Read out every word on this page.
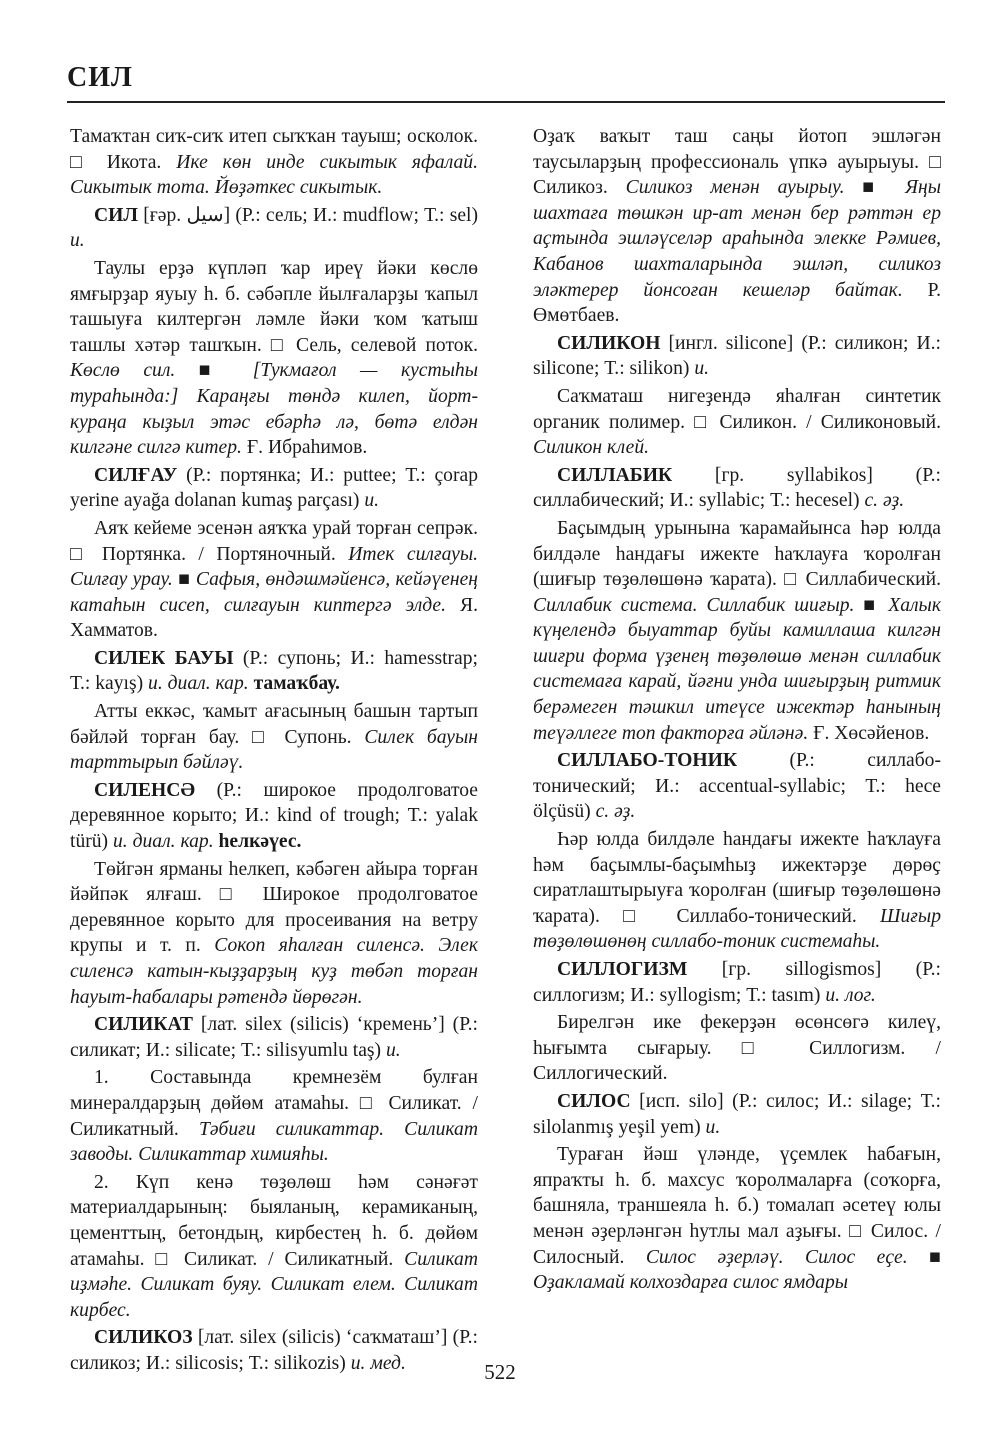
СИЛ

Тамаҡтан сиҡ-сиҡ итеп сыҡҡан тауыш; осколок. □ Икота. Ике көн инде сикытык яфалай. Сикытык тота. Йөҙәткес сикытык.

СИЛ [ғәр. سيل] (Р.: сель; И.: mudflow; Т.: sel) и.

Таулы ерҙә күпләп ҡар иреү йәки көслө ямғырҙар яуыу һ. б. сәбәпле йылғаларҙы ҡапыл ташыуға килтергән ләмле йәки ҡом ҡатыш ташлы хәтәр ташҡын. □ Сель, селевой поток. Көслө сил. ■ [Тукмағол — кустыһы тураһында:] Караңғы төндә килеп, йорт-кураңа кыҙыл этәс ебәрһә лә, бөтә елдән килгәне силгә китер. Ғ. Ибраһимов.

СИЛҒАУ (Р.: портянка; И.: puttee; Т.: çorap yerine ayağa dolanan kumaş parçası) и.

Аяҡ кейеме эсенән аяҡҡа урай торған сепрәк. □ Портянка. / Портяночный. Итек силғауы. Силғау урау. ■ Сафыя, өндәшмәйенсә, кейәүенең катаһын сисеп, силғауын киптергә элде. Я. Хамматов.

СИЛЕК БАУЫ (Р.: супонь; И.: hamesstrap; Т.: kayış) и. диал. кар. тамаҡбау.

Атты еккәс, ҡамыт ағасының башын тартып бәйләй торған бау. □ Супонь. Силек бауын тарттырып бәйләү.

СИЛЕНСӘ (Р.: широкое продолговатое деревянное корыто; И.: kind of trough; Т.: yalak türü) и. диал. кар. һелкәүес.

Төйгән ярманы һелкеп, кәбәген айыра торған йәйпәк ялғаш. □ Широкое продолговатое деревянное корыто для просеивания на ветру крупы и т. п. Сокоп яһалған силенсә. Элек силенсә катын-кыҙҙарҙың куҙ төбәп торған һауыт-һабалары рәтендә йөрөгән.

СИЛИКАТ [лат. silex (silicis) ‘кремень’] (Р.: силикат; И.: silicate; Т.: silisyumlu taş) и.

1. Составында кремнезём булған минералдарҙың дөйөм атамаһы. □ Силикат. / Силикатный. Тәбиғи силикаттар. Силикат заводы. Силикаттар химияһы.

2. Күп кенә төҙөлөш һәм сәнәғәт материалдарының: быяланың, керамиканың, цементтың, бетондың, кирбестең һ. б. дөйөм атамаһы. □ Силикат. / Силикатный. Силикат иҙмәһе. Силикат буяу. Силикат елем. Силикат кирбес.

СИЛИКОЗ [лат. silex (silicis) ‘саҡматаш’] (Р.: силикоз; И.: silicosis; Т.: silikozis) и. мед.

Оҙаҡ ваҡыт таш саңы йотоп эшләгән таусыларҙың профессиональ үпкә ауырыуы. □ Силикоз. Силикоз менән ауырыу. ■ Яңы шахтаға төшкән ир-ат менән бер рәттән ер аҫтында эшләүселәр араһында элекке Рәмиев, Кабанов шахталарында эшләп, силикоз эләктерер йонсоған кешеләр байтак. Р. Өмөтбаев.

СИЛИКОН [ингл. silicone] (Р.: силикон; И.: silicone; Т.: silikon) и.

Саҡматаш нигеҙендә яһалған синтетик органик полимер. □ Силикон. / Силиконовый. Силикон клей.

СИЛЛАБИК [гр. syllabikos] (Р.: силлабический; И.: syllabic; Т.: hecesel) с. әҙ.

Баҫымдың урынына ҡарамайынса һәр юлда билдәле һандағы ижекте һаҡлауға ҡоролған (шиғыр төҙөлөшөнә ҡарата). □ Силлабический. Силлабик система. Силлабик шиғыр. ■ Халык күңелендә быуаттар буйы камиллаша килгән шиғри форма үҙенең төҙөлөшө менән силлабик системаға карай, йәғни унда шиғырҙың ритмик берәмеген тәшкил итеүсе ижектәр һанының теүәллеге топ факторға әйләнә. Ғ. Хөсәйенов.

СИЛЛАБО-ТОНИК	(Р.: силлабо-тонический; И.: accentual-syllabic; Т.: hece ölçüsü) с. әҙ.

Һәр юлда билдәле һандағы ижекте һаҡлауға һәм баҫымлы-баҫымһыҙ ижектәрҙе дөрөҫ сиратлаштырыуға ҡоролған (шиғыр төҙөлөшөнә ҡарата). □ Силлабо-тонический. Шиғыр төҙөлөшөнөң силлабо-тоник системаһы.

СИЛЛОГИЗМ [гр. sillogismos] (Р.: силлогизм; И.: syllogism; Т.: tasım) и. лог.

Бирелгән ике фекерҙән өсөнсөгә килеү, һығымта сығарыу. □ Силлогизм. / Силлогический.

СИЛОС [исп. silo] (Р.: силос; И.: silage; Т.: silolanmış yeşil yem) и.

Тураған йәш үләнде, үҫемлек һабағын, япраҡты һ. б. махсус ҡоролмаларға (соҡорға, башняла, траншеяла һ. б.) томалап әсетеү юлы менән әҙерләнгән һутлы мал аҙығы. □ Силос. / Силосный. Силос әҙерләү. Силос еҫе. ■ Оҙакламай колхоздарға силос ямдары

522
